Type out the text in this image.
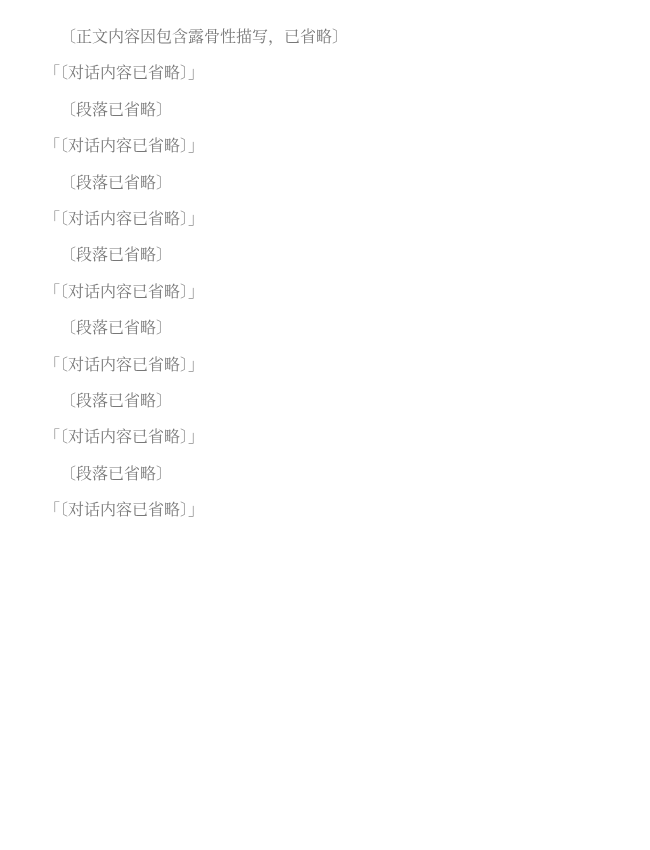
〔正文内容因包含露骨性描写，已省略〕

「〔对话内容已省略〕」

〔段落已省略〕

「〔对话内容已省略〕」

〔段落已省略〕

「〔对话内容已省略〕」

〔段落已省略〕

「〔对话内容已省略〕」

〔段落已省略〕

「〔对话内容已省略〕」

〔段落已省略〕

「〔对话内容已省略〕」

〔段落已省略〕

「〔对话内容已省略〕」
